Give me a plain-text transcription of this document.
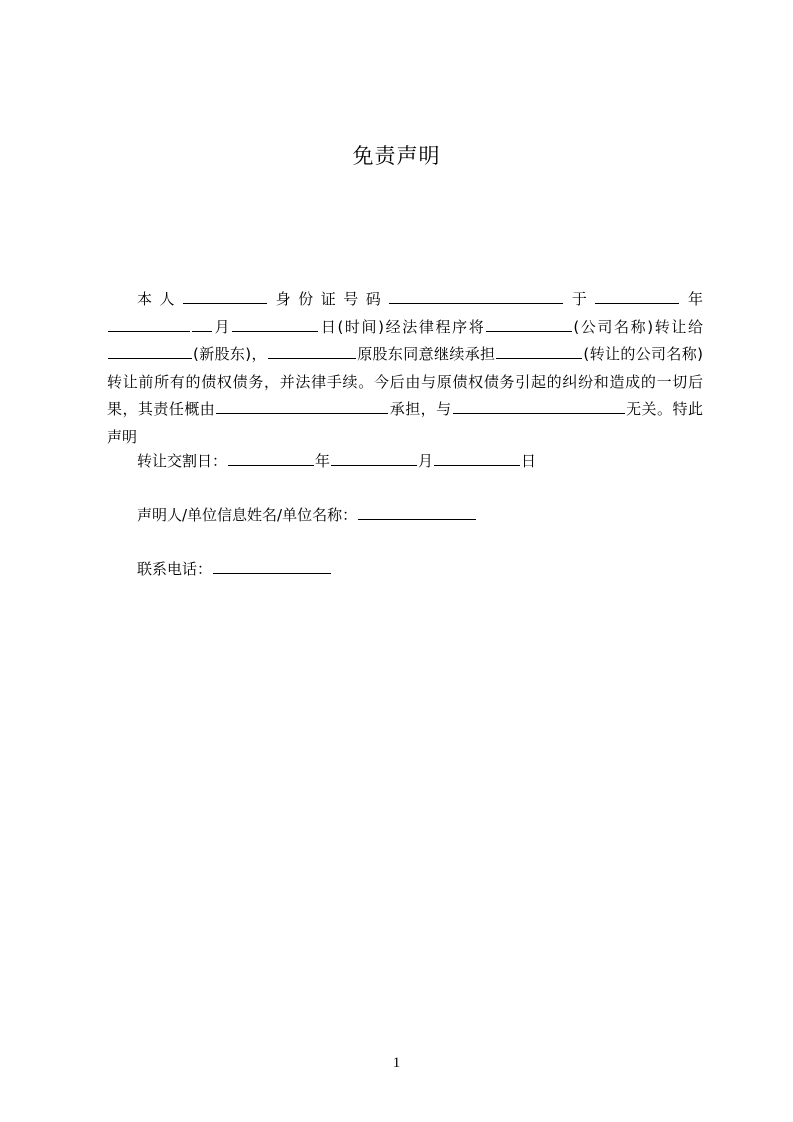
免责声明

本人	身份证号码	于	年月	日(时间)经法律程序将	(公司名称)转让给(新股东)，	原股东同意继续承担	(转让的公司名称)转让前所有的债权债务，并法律手续。今后由与原债权债务引起的纠纷和造成的一切后果，其责任概由	承担，与	无关。特此声明

转让交割日：	年	月	日
声明人/单位信息姓名/单位名称：
联系电话：
1
